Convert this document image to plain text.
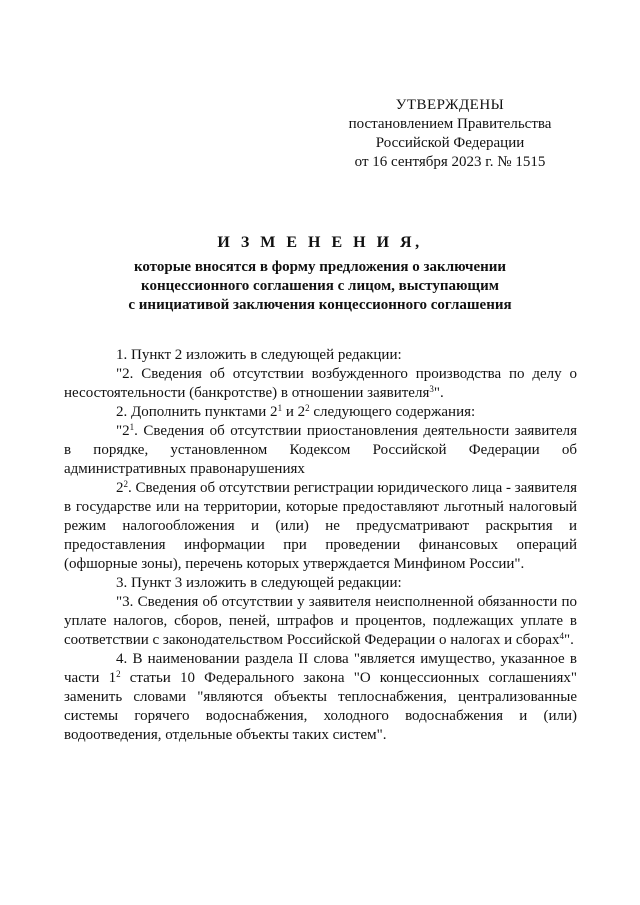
УТВЕРЖДЕНЫ
постановлением Правительства
Российской Федерации
от 16 сентября 2023 г. № 1515
И З М Е Н Е Н И Я,
которые вносятся в форму предложения о заключении
концессионного соглашения с лицом, выступающим
с инициативой заключения концессионного соглашения

1. Пункт 2 изложить в следующей редакции:

"2. Сведения об отсутствии возбужденного производства по делу о несостоятельности (банкротстве) в отношении заявителя$^3$".

2. Дополнить пунктами $2^1$ и $2^2$ следующего содержания:

"$2^1$. Сведения об отсутствии приостановления деятельности заявителя в порядке, установленном Кодексом Российской Федерации об административных правонарушениях

$2^2$. Сведения об отсутствии регистрации юридического лица - заявителя в государстве или на территории, которые предоставляют льготный налоговый режим налогообложения и (или) не предусматривают раскрытия и предоставления информации при проведении финансовых операций (офшорные зоны), перечень которых утверждается Минфином России".

3. Пункт 3 изложить в следующей редакции:

"3. Сведения об отсутствии у заявителя неисполненной обязанности по уплате налогов, сборов, пеней, штрафов и процентов, подлежащих уплате в соответствии с законодательством Российской Федерации о налогах и сборах$^4$".

4. В наименовании раздела II слова "является имущество, указанное в части $1^2$ статьи 10 Федерального закона "О концессионных соглашениях" заменить словами "являются объекты теплоснабжения, централизованные системы горячего водоснабжения, холодного водоснабжения и (или) водоотведения, отдельные объекты таких систем".
